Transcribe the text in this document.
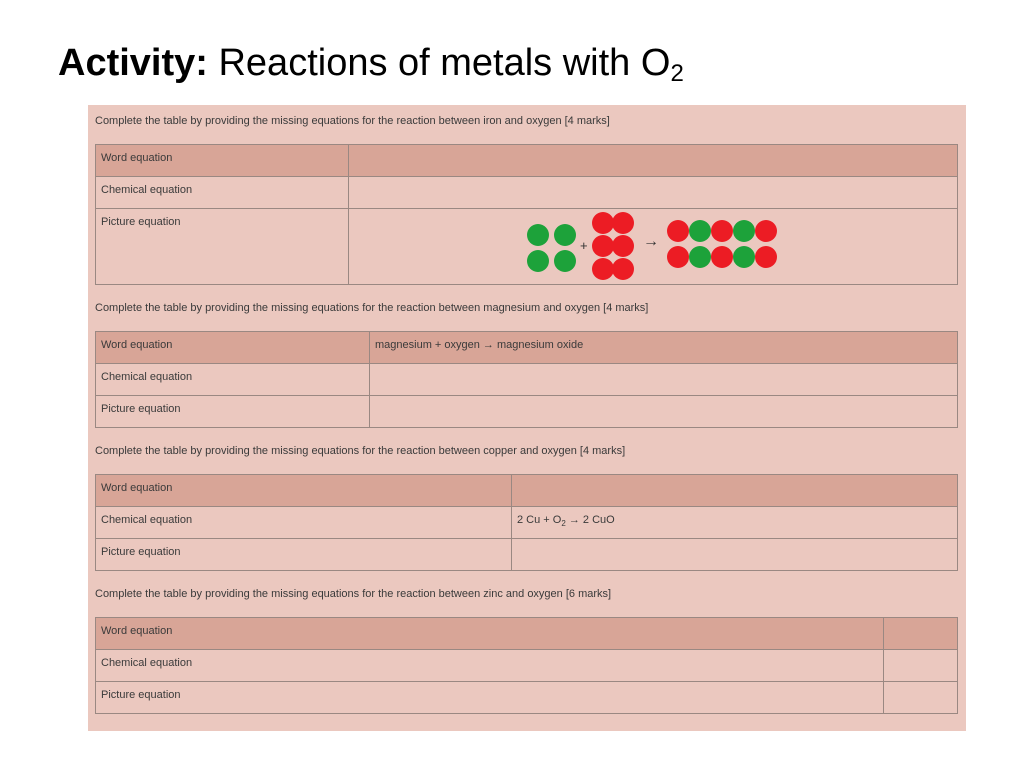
Activity: Reactions of metals with $O_2$
Complete the table by providing the missing equations for the reaction between iron and oxygen [4 marks]
Word equation	
Chemical equation	
Picture equation	+ →
Complete the table by providing the missing equations for the reaction between magnesium and oxygen [4 marks]
Word equation	magnesium + oxygen → magnesium oxide
Chemical equation	
Picture equation	
Complete the table by providing the missing equations for the reaction between copper and oxygen [4 marks]
Word equation	
Chemical equation	2 $Cu + O_2 \to 2$ CuO
Picture equation	
Complete the table by providing the missing equations for the reaction between zinc and oxygen [6 marks]
Word equation	
Chemical equation	
Picture equation	
